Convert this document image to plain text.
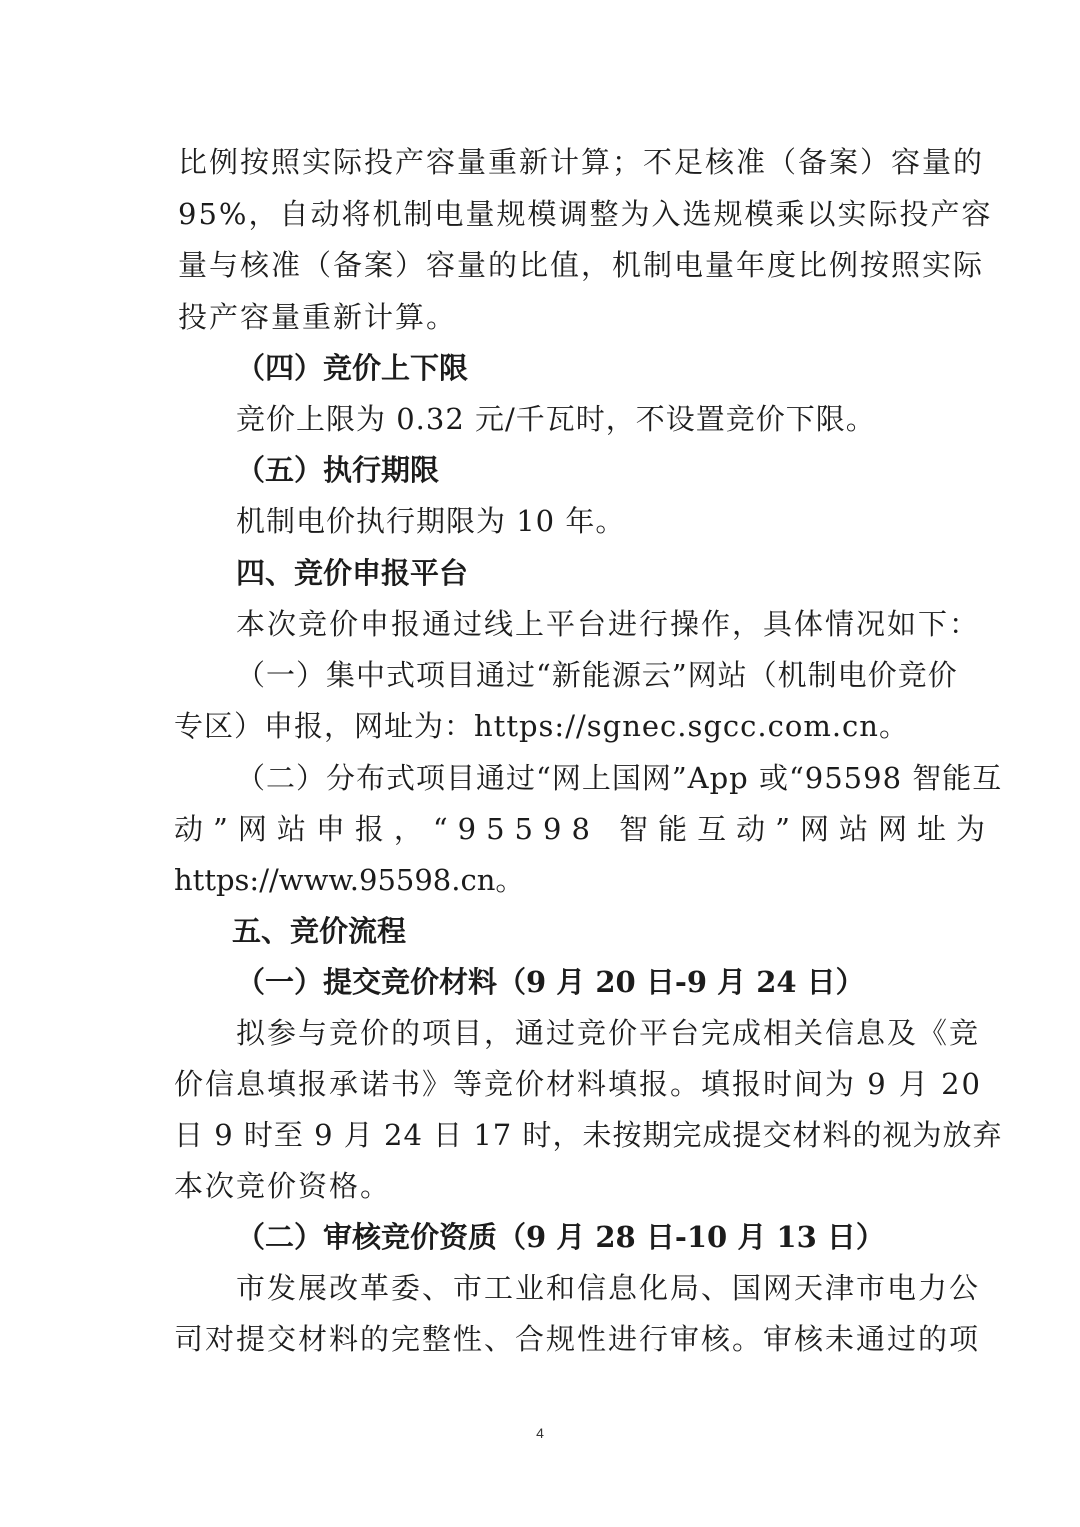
比例按照实际投产容量重新计算；不足核准（备案）容量的
95%，自动将机制电量规模调整为入选规模乘以实际投产容
量与核准（备案）容量的比值，机制电量年度比例按照实际
投产容量重新计算。
（四）竞价上下限
竞价上限为 0.32 元/千瓦时，不设置竞价下限。
（五）执行期限
机制电价执行期限为 10 年。
四、竞价申报平台
本次竞价申报通过线上平台进行操作，具体情况如下：
（一）集中式项目通过“新能源云”网站（机制电价竞价
专区）申报，网址为：https://sgnec.sgcc.com.cn。
（二）分布式项目通过“网上国网”App 或“95598 智能互
动”网站申报，“95598 智能互动”网站网址为
https://www.95598.cn。
五、竞价流程
（一）提交竞价材料（9 月 20 日-9 月 24 日）
拟参与竞价的项目，通过竞价平台完成相关信息及《竞
价信息填报承诺书》等竞价材料填报。填报时间为 9 月 20
日 9 时至 9 月 24 日 17 时，未按期完成提交材料的视为放弃
本次竞价资格。
（二）审核竞价资质（9 月 28 日-10 月 13 日）
市发展改革委、市工业和信息化局、国网天津市电力公
司对提交材料的完整性、合规性进行审核。审核未通过的项
4
